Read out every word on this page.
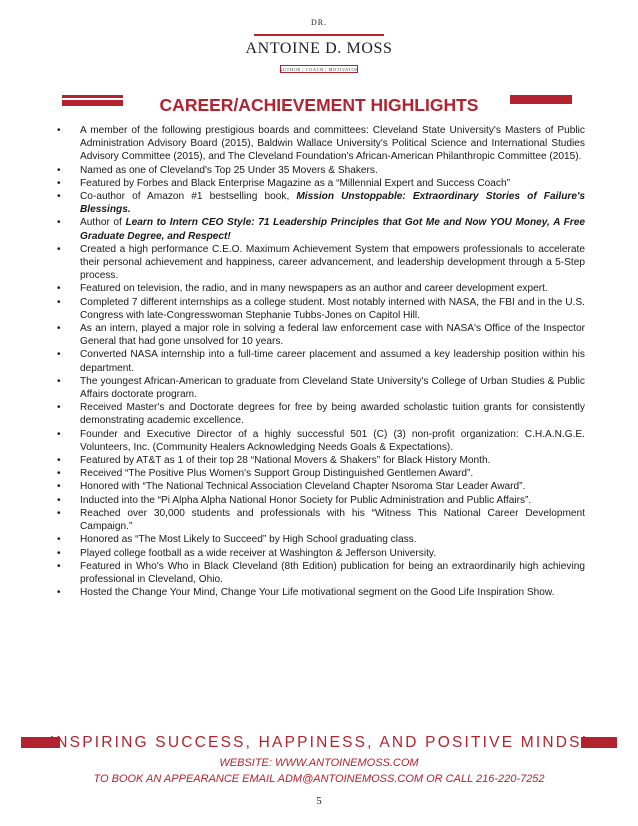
DR.
ANTOINE D. MOSS
AUTHOR | COACH | MOTIVATOR
CAREER/ACHIEVEMENT HIGHLIGHTS
• A member of the following prestigious boards and committees: Cleveland State University's Masters of Public Administration Advisory Board (2015), Baldwin Wallace University's Political Science and International Studies Advisory Committee (2015), and The Cleveland Foundation's African-American Philanthropic Committee (2015).
• Named as one of Cleveland's Top 25 Under 35 Movers & Shakers.
• Featured by Forbes and Black Enterprise Magazine as a “Millennial Expert and Success Coach”
• Co-author of Amazon #1 bestselling book, Mission Unstoppable: Extraordinary Stories of Failure's Blessings.
• Author of Learn to Intern CEO Style: 71 Leadership Principles that Got Me and Now YOU Money, A Free Graduate Degree, and Respect!
• Created a high performance C.E.O. Maximum Achievement System that empowers professionals to accelerate their personal achievement and happiness, career advancement, and leadership development through a 5-Step process.
• Featured on television, the radio, and in many newspapers as an author and career development expert.
• Completed 7 different internships as a college student. Most notably interned with NASA, the FBI and in the U.S. Congress with late-Congresswoman Stephanie Tubbs-Jones on Capitol Hill.
• As an intern, played a major role in solving a federal law enforcement case with NASA's Office of the Inspector General that had gone unsolved for 10 years.
• Converted NASA internship into a full-time career placement and assumed a key leadership position within his department.
• The youngest African-American to graduate from Cleveland State University's College of Urban Studies & Public Affairs doctorate program.
• Received Master's and Doctorate degrees for free by being awarded scholastic tuition grants for consistently demonstrating academic excellence.
• Founder and Executive Director of a highly successful 501 (C) (3) non-profit organization: C.H.A.N.G.E. Volunteers, Inc. (Community Healers Acknowledging Needs Goals & Expectations).
• Featured by AT&T as 1 of their top 28 “National Movers & Shakers” for Black History Month.
• Received “The Positive Plus Women's Support Group Distinguished Gentlemen Award”.
• Honored with “The National Technical Association Cleveland Chapter Nsoroma Star Leader Award”.
• Inducted into the “Pi Alpha Alpha National Honor Society for Public Administration and Public Affairs”.
• Reached over 30,000 students and professionals with his “Witness This National Career Development Campaign.”
• Honored as “The Most Likely to Succeed” by High School graduating class.
• Played college football as a wide receiver at Washington & Jefferson University.
• Featured in Who's Who in Black Cleveland (8th Edition) publication for being an extraordinarily high achieving professional in Cleveland, Ohio.
• Hosted the Change Your Mind, Change Your Life motivational segment on the Good Life Inspiration Show.
INSPIRING SUCCESS, HAPPINESS, AND POSITIVE MINDS!
WEBSITE: WWW.ANTOINEMOSS.COM
TO BOOK AN APPEARANCE EMAIL ADM@ANTOINEMOSS.COM OR CALL 216-220-7252
5
